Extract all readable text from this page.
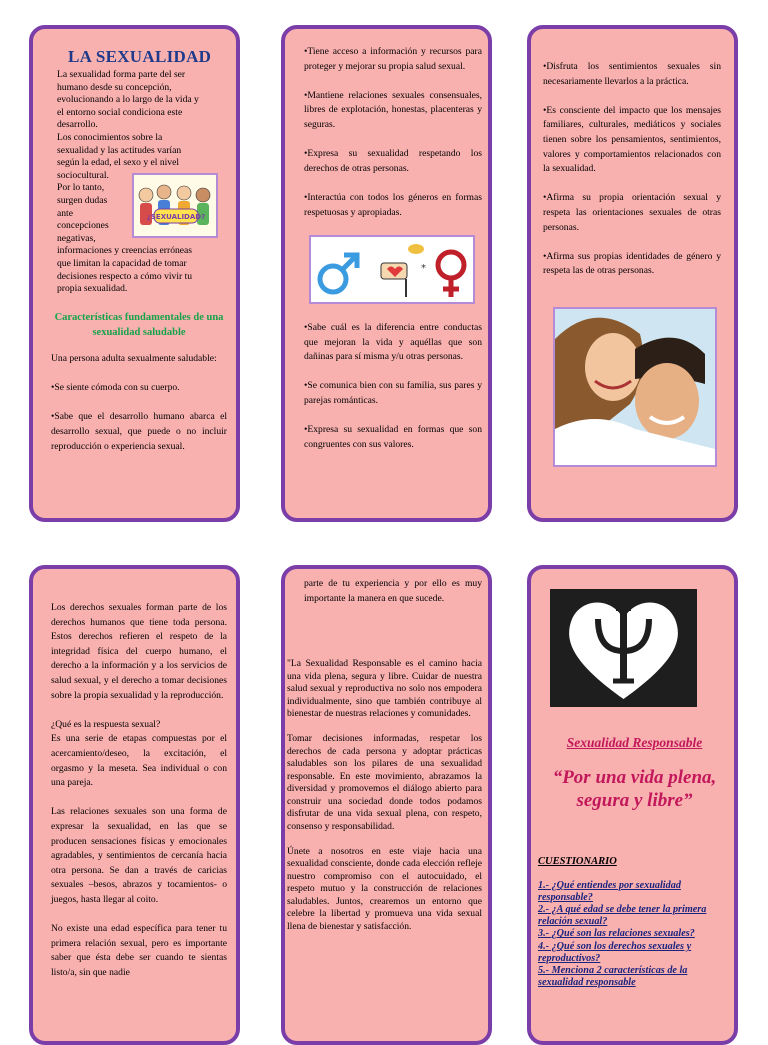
LA SEXUALIDAD
La sexualidad forma parte del ser
humano desde su concepción,
evolucionando a lo largo de la vida y
el entorno social condiciona este
desarrollo.
Los conocimientos sobre la
sexualidad y las actitudes varían
según la edad, el sexo y el nivel
sociocultural.
Por lo tanto,
surgen dudas
ante
concepciones
negativas,
informaciones y creencias erróneas
que limitan la capacidad de tomar
decisiones respecto a cómo vivir tu
propia sexualidad.
¿SEXUALIDAD?
Características fundamentales de una sexualidad saludable

Una persona adulta sexualmente saludable:

•Se siente cómoda con su cuerpo.

•Sabe que el desarrollo humano abarca el desarrollo sexual, que puede o no incluir reproducción o experiencia sexual.

•Tiene acceso a información y recursos para proteger y mejorar su propia salud sexual.

•Mantiene relaciones sexuales consensuales, libres de explotación, honestas, placenteras y seguras.

•Expresa su sexualidad respetando los derechos de otras personas.

•Interactúa con todos los géneros en formas respetuosas y apropiadas.

*

•Sabe cuál es la diferencia entre conductas que mejoran la vida y aquéllas que son dañinas para sí misma y/u otras personas.

•Se comunica bien con su familia, sus pares y parejas románticas.

•Expresa su sexualidad en formas que son congruentes con sus valores.

•Disfruta los sentimientos sexuales sin necesariamente llevarlos a la práctica.

•Es consciente del impacto que los mensajes familiares, culturales, mediáticos y sociales tienen sobre los pensamientos, sentimientos, valores y comportamientos relacionados con la sexualidad.

•Afirma su propia orientación sexual y respeta las orientaciones sexuales de otras personas.

•Afirma sus propias identidades de género y respeta las de otras personas.

Los derechos sexuales forman parte de los derechos humanos que tiene toda persona. Estos derechos refieren el respeto de la integridad física del cuerpo humano, el derecho a la información y a los servicios de salud sexual, y el derecho a tomar decisiones sobre la propia sexualidad y la reproducción.

¿Qué es la respuesta sexual?

Es una serie de etapas compuestas por el acercamiento/deseo, la excitación, el orgasmo y la meseta. Sea individual o con una pareja.

Las relaciones sexuales son una forma de expresar la sexualidad, en las que se producen sensaciones físicas y emocionales agradables, y sentimientos de cercanía hacia otra persona. Se dan a través de caricias sexuales –besos, abrazos y tocamientos- o juegos, hasta llegar al coito.

No existe una edad específica para tener tu primera relación sexual, pero es importante saber que ésta debe ser cuando te sientas listo/a, sin que nadie

parte de tu experiencia y por ello es muy importante la manera en que sucede.

"La Sexualidad Responsable es el camino hacia una vida plena, segura y libre. Cuidar de nuestra salud sexual y reproductiva no solo nos empodera individualmente, sino que también contribuye al bienestar de nuestras relaciones y comunidades.

Tomar decisiones informadas, respetar los derechos de cada persona y adoptar prácticas saludables son los pilares de una sexualidad responsable. En este movimiento, abrazamos la diversidad y promovemos el diálogo abierto para construir una sociedad donde todos podamos disfrutar de una vida sexual plena, con respeto, consenso y responsabilidad.

Únete a nosotros en este viaje hacia una sexualidad consciente, donde cada elección refleje nuestro compromiso con el autocuidado, el respeto mutuo y la construcción de relaciones saludables. Juntos, crearemos un entorno que celebre la libertad y promueva una vida sexual llena de bienestar y satisfacción.

Sexualidad Responsable
“Por una vida plena, segura y libre”
CUESTIONARIO
1.- ¿Qué entiendes por sexualidad responsable?
2.- ¿A qué edad se debe tener la primera relación sexual?
3.- ¿Qué son las relaciones sexuales?
4.- ¿Qué son los derechos sexuales y reproductivos?
5.- Menciona 2 características de la sexualidad responsable
